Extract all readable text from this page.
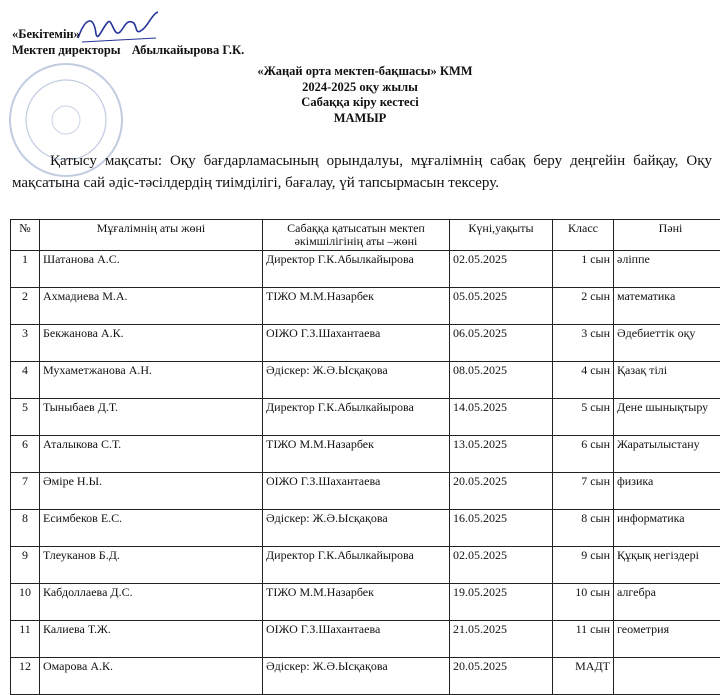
«Бекітемін»
Мектеп директоры Абылкайырова Г.К.
«Жаңай орта мектеп-бақшасы» КММ
2024-2025 оқу жылы
Сабаққа кіру кестесі
МАМЫР
Қатысу мақсаты: Оқу бағдарламасының орындалуы, мұғалімнің сабақ беру деңгейін байқау, Оқу мақсатына сай әдіс-тәсілдердің тиімділігі, бағалау, үй тапсырмасын тексеру.
№	Мұғалімнің аты жөні	Сабаққа қатысатын мектеп әкімшілігінің аты –жөні	Күні,уақыты	Класс	Пәні
1	Шатанова А.С.	Директор Г.К.Абылкайырова	02.05.2025	1 сын	әліппе
2	Ахмадиева М.А.	ТІЖО М.М.Назарбек	05.05.2025	2 сын	математика
3	Бекжанова А.К.	ОІЖО Г.З.Шахантаева	06.05.2025	3 сын	Әдебиеттік оқу
4	Мухаметжанова А.Н.	Әдіскер: Ж.Ә.Ысқақова	08.05.2025	4 сын	Қазақ тілі
5	Тыныбаев Д.Т.	Директор Г.К.Абылкайырова	14.05.2025	5 сын	Дене шынықтыру
6	Аталыкова С.Т.	ТІЖО М.М.Назарбек	13.05.2025	6 сын	Жаратылыстану
7	Әміре Н.Ы.	ОІЖО Г.З.Шахантаева	20.05.2025	7 сын	физика
8	Есимбеков Е.С.	Әдіскер: Ж.Ә.Ысқақова	16.05.2025	8 сын	информатика
9	Тлеуканов Б.Д.	Директор Г.К.Абылкайырова	02.05.2025	9 сын	Құқық негіздері
10	Кабдоллаева Д.С.	ТІЖО М.М.Назарбек	19.05.2025	10 сын	алгебра
11	Калиева Т.Ж.	ОІЖО Г.З.Шахантаева	21.05.2025	11 сын	геометрия
12	Омарова А.К.	Әдіскер: Ж.Ә.Ысқақова	20.05.2025	МАДТ	
